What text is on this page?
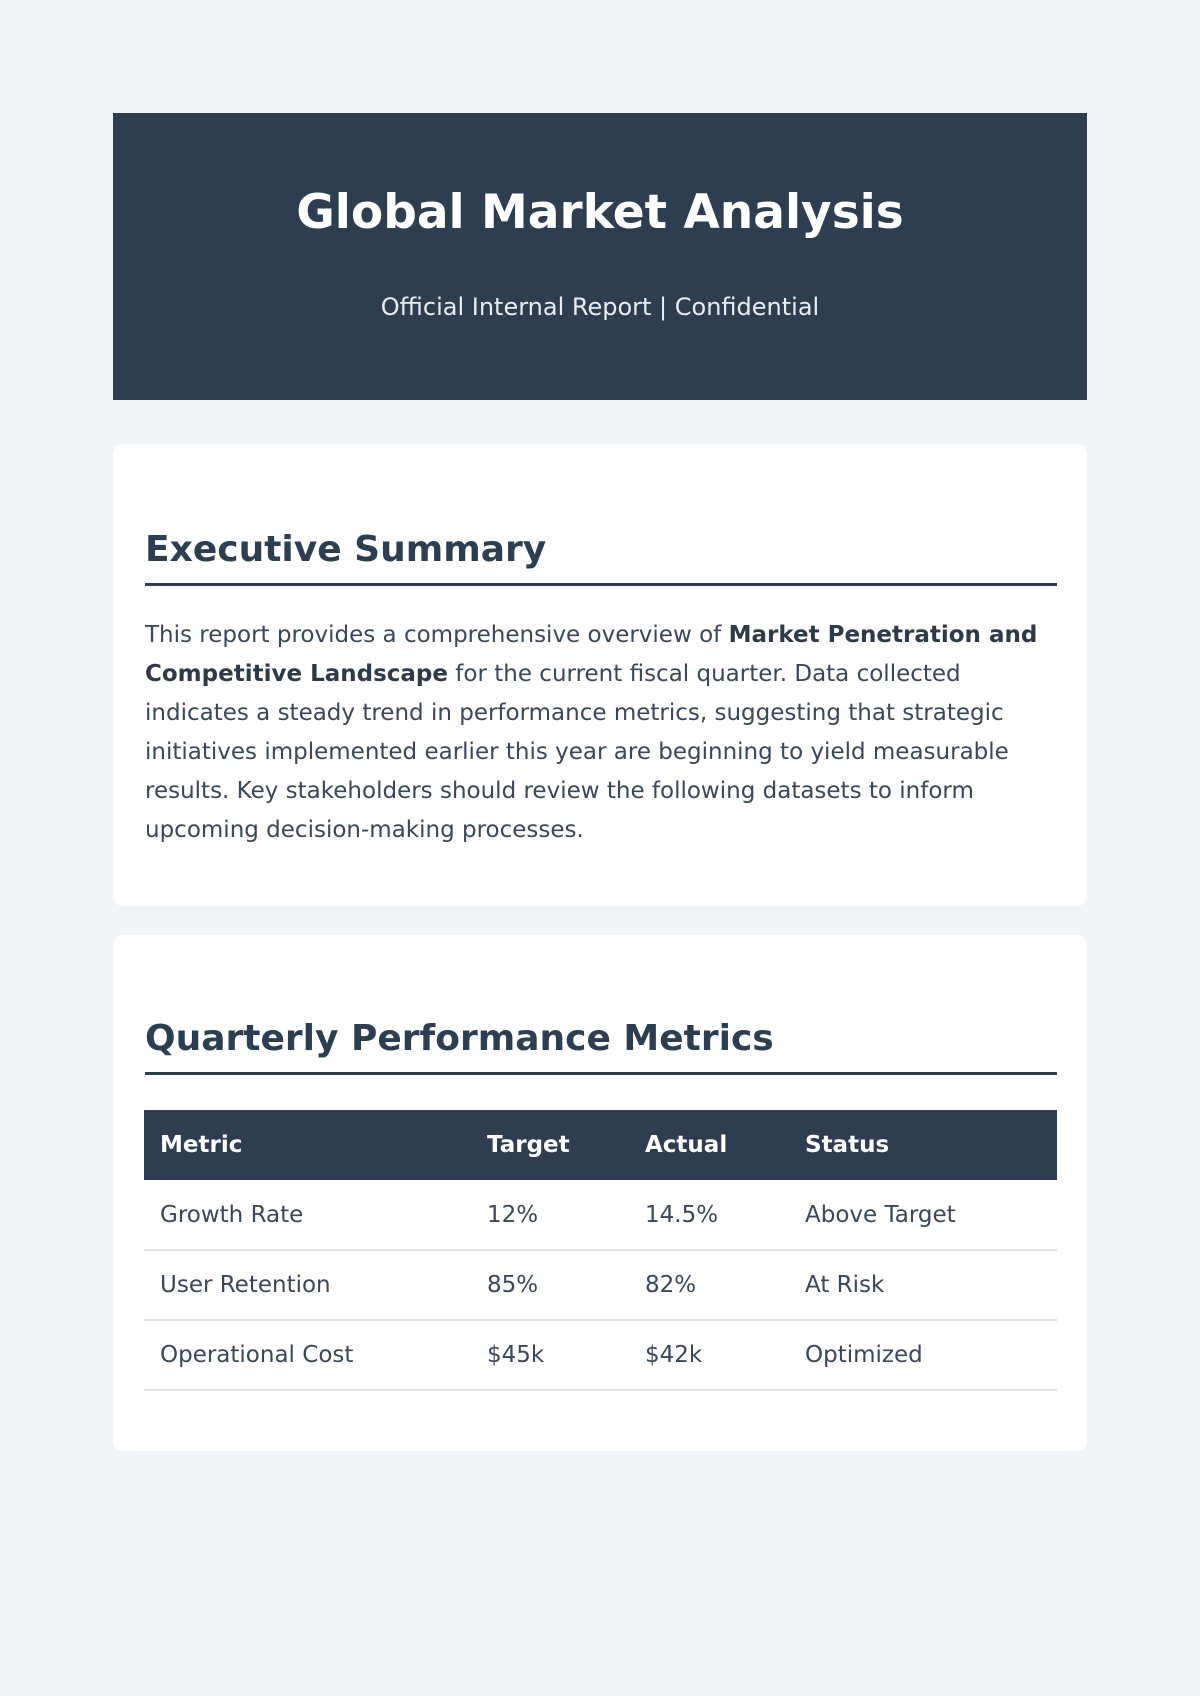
Global Market Analysis
Official Internal Report | Confidential
Executive Summary

This report provides a comprehensive overview of Market Penetration and Competitive Landscape for the current fiscal quarter. Data collected indicates a steady trend in performance metrics, suggesting that strategic initiatives implemented earlier this year are beginning to yield measurable results. Key stakeholders should review the following datasets to inform upcoming decision-making processes.

Quarterly Performance Metrics
Metric	Target	Actual	Status
Growth Rate	12%	14.5%	Above Target
User Retention	85%	82%	At Risk
Operational Cost	$45k	$42k	Optimized
